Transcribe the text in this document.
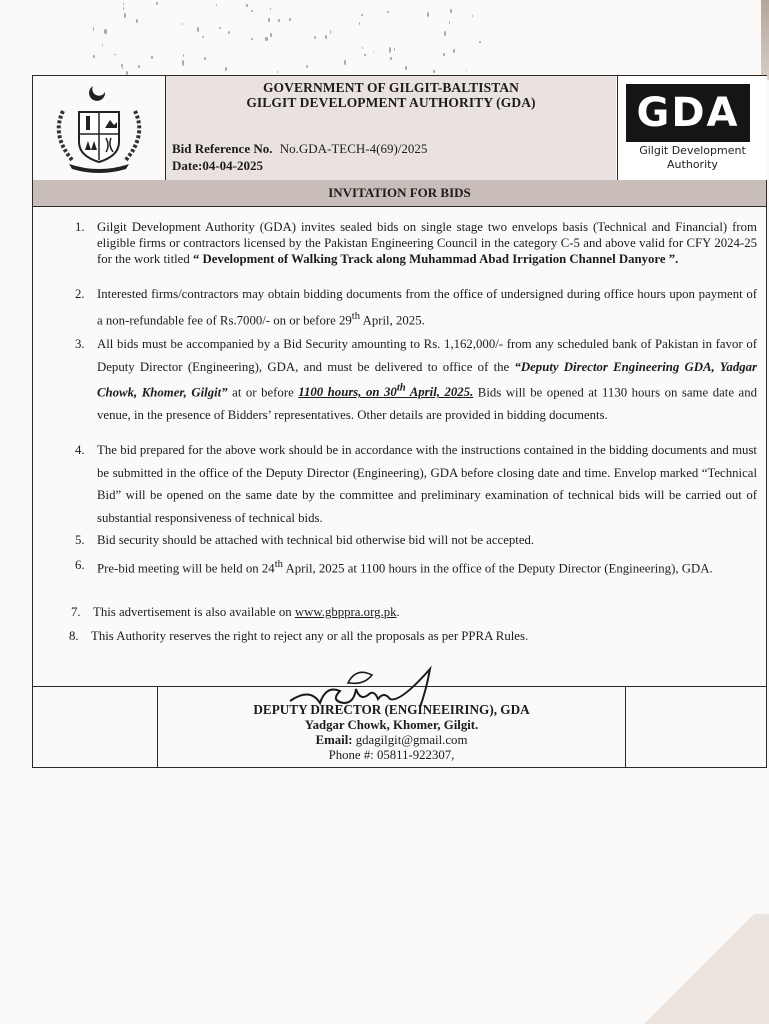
GOVERNMENT OF GILGIT-BALTISTAN
GILGIT DEVELOPMENT AUTHORITY (GDA)
Bid Reference No. No.GDA-TECH-4(69)/2025
Date:04-04-2025
GDA
Gilgit Development
Authority
INVITATION FOR BIDS
1. Gilgit Development Authority (GDA) invites sealed bids on single stage two envelops basis (Technical and Financial) from eligible firms or contractors licensed by the Pakistan Engineering Council in the category C-5 and above valid for CFY 2024-25 for the work titled “ Development of Walking Track along Muhammad Abad Irrigation Channel Danyore ”.
2. Interested firms/contractors may obtain bidding documents from the office of undersigned during office hours upon payment of a non-refundable fee of Rs.7000/- on or before 29th April, 2025.
3. All bids must be accompanied by a Bid Security amounting to Rs. 1,162,000/- from any scheduled bank of Pakistan in favor of Deputy Director (Engineering), GDA, and must be delivered to office of the “Deputy Director Engineering GDA, Yadgar Chowk, Khomer, Gilgit” at or before 1100 hours, on 30th April, 2025. Bids will be opened at 1130 hours on same date and venue, in the presence of Bidders’ representatives. Other details are provided in bidding documents.
4. The bid prepared for the above work should be in accordance with the instructions contained in the bidding documents and must be submitted in the office of the Deputy Director (Engineering), GDA before closing date and time. Envelop marked “Technical Bid” will be opened on the same date by the committee and preliminary examination of technical bids will be carried out of substantial responsiveness of technical bids.
5. Bid security should be attached with technical bid otherwise bid will not be accepted.
6. Pre-bid meeting will be held on 24th April, 2025 at 1100 hours in the office of the Deputy Director (Engineering), GDA.
7. This advertisement is also available on www.gbppra.org.pk.
8. This Authority reserves the right to reject any or all the proposals as per PPRA Rules.
DEPUTY DIRECTOR (ENGINEEIRING), GDA
Yadgar Chowk, Khomer, Gilgit.
Email: gdagilgit@gmail.com
Phone #: 05811-922307,
